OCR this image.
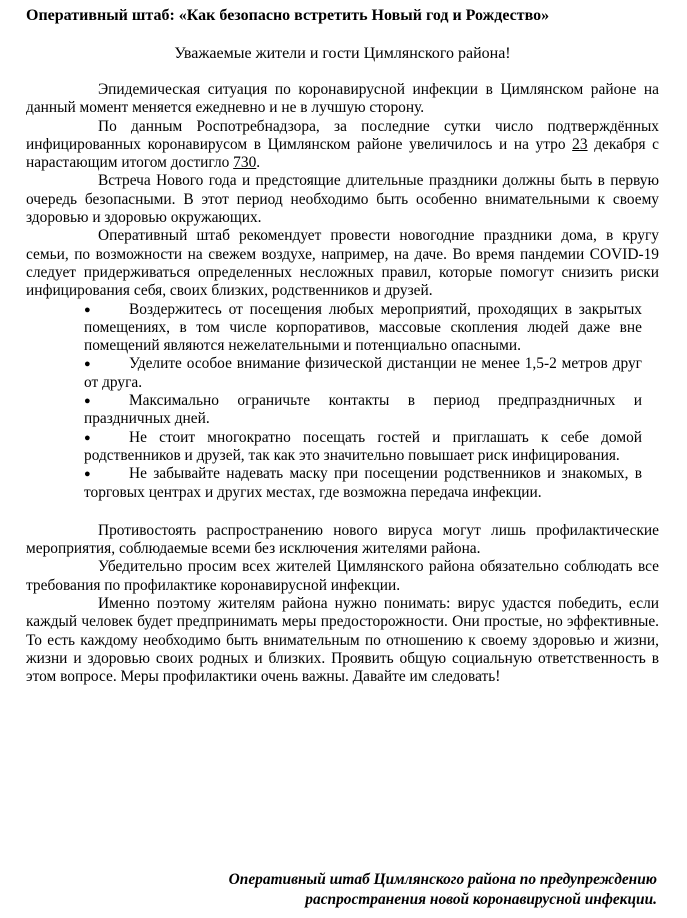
Оперативный штаб: «Как безопасно встретить Новый год и Рождество»

Уважаемые жители и гости Цимлянского района!

Эпидемическая ситуация по коронавирусной инфекции в Цимлянском районе на данный момент меняется ежедневно и не в лучшую сторону.

По данным Роспотребнадзора, за последние сутки число подтверждённых инфицированных коронавирусом в Цимлянском районе увеличилось и на утро 23 декабря с нарастающим итогом достигло 730.

Встреча Нового года и предстоящие длительные праздники должны быть в первую очередь безопасными. В этот период необходимо быть особенно внимательными к своему здоровью и здоровью окружающих.

Оперативный штаб рекомендует провести новогодние праздники дома, в кругу семьи, по возможности на свежем воздухе, например, на даче. Во время пандемии COVID-19 следует придерживаться определенных несложных правил, которые помогут снизить риски инфицирования себя, своих близких, родственников и друзей.

● Воздержитесь от посещения любых мероприятий, проходящих в закрытых помещениях, в том числе корпоративов, массовые скопления людей даже вне помещений являются нежелательными и потенциально опасными.
● Уделите особое внимание физической дистанции не менее 1,5-2 метров друг от друга.
● Максимально ограничьте контакты в период предпраздничных и праздничных дней.
● Не стоит многократно посещать гостей и приглашать к себе домой родственников и друзей, так как это значительно повышает риск инфицирования.
● Не забывайте надевать маску при посещении родственников и знакомых, в торговых центрах и других местах, где возможна передача инфекции.

Противостоять распространению нового вируса могут лишь профилактические мероприятия, соблюдаемые всеми без исключения жителями района.

Убедительно просим всех жителей Цимлянского района обязательно соблюдать все требования по профилактике коронавирусной инфекции.

Именно поэтому жителям района нужно понимать: вирус удастся победить, если каждый человек будет предпринимать меры предосторожности. Они простые, но эффективные. То есть каждому необходимо быть внимательным по отношению к своему здоровью и жизни, жизни и здоровью своих родных и близких. Проявить общую социальную ответственность в этом вопросе. Меры профилактики очень важны. Давайте им следовать!

Оперативный штаб Цимлянского района по предупреждению
распространения новой коронавирусной инфекции.
